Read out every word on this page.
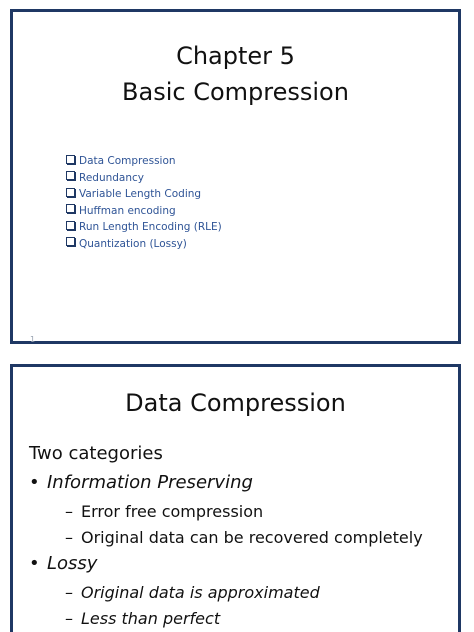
Chapter 5
Basic Compression
Data Compression
Redundancy
Variable Length Coding
Huffman encoding
Run Length Encoding (RLE)
Quantization (Lossy)
1
Data Compression
Two categories
• Information Preserving
– Error free compression
– Original data can be recovered completely
• Lossy
– Original data is approximated
– Less than perfect
